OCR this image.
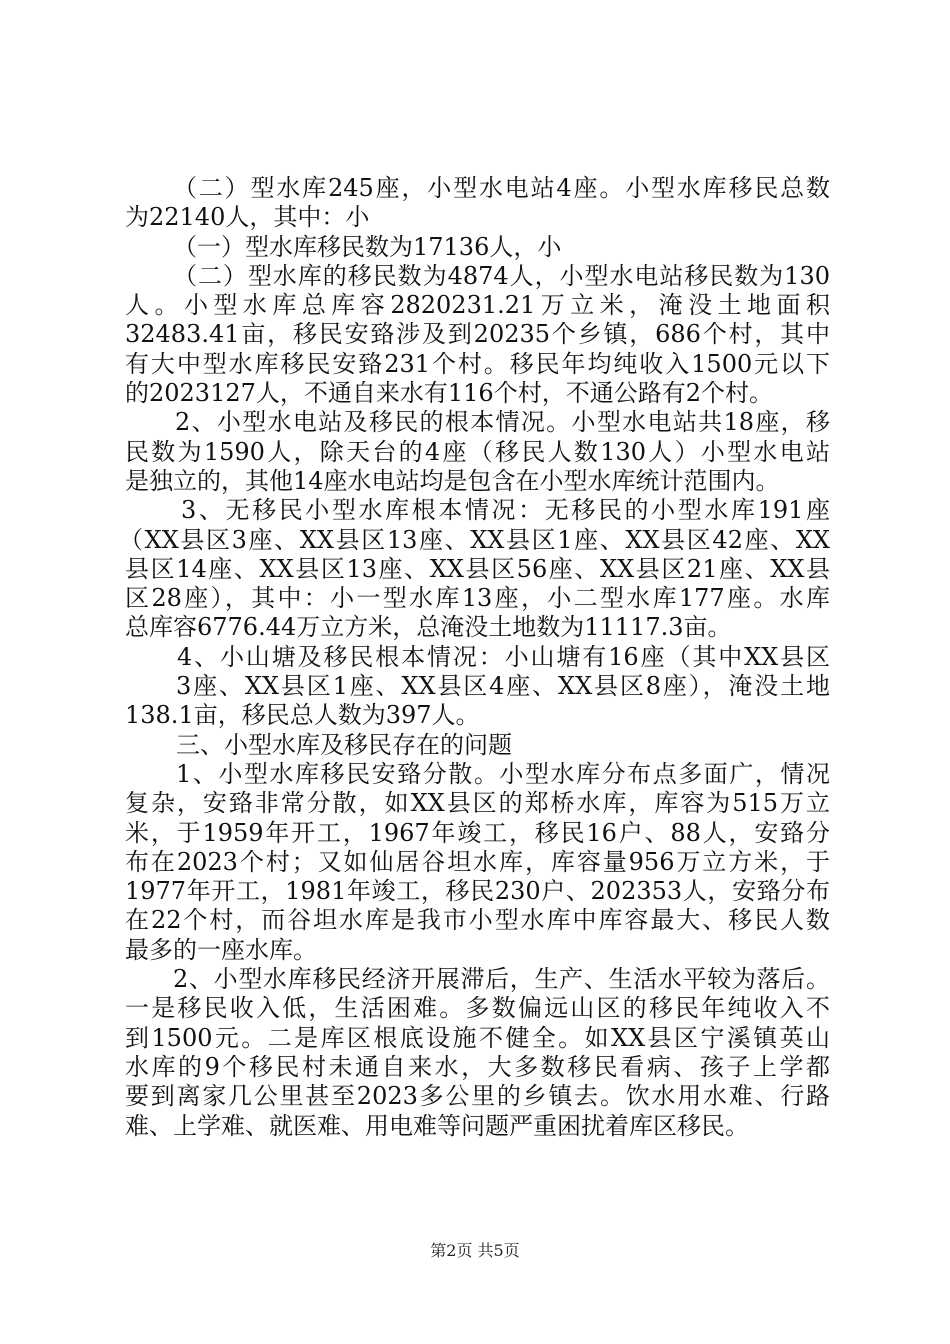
（二）型水库245座，小型水电站4座。小型水库移民总数
为22140人，其中：小
（一）型水库移民数为17136人，小
（二）型水库的移民数为4874人，小型水电站移民数为130
人。小型水库总库容2820231.21万立米，淹没土地面积
32483.41亩，移民安臵涉及到20235个乡镇，686个村，其中
有大中型水库移民安臵231个村。移民年均纯收入1500元以下
的2023127人，不通自来水有116个村，不通公路有2个村。
2、小型水电站及移民的根本情况。小型水电站共18座，移
民数为1590人，除天台的4座（移民人数130人）小型水电站
是独立的，其他14座水电站均是包含在小型水库统计范围内。
3、无移民小型水库根本情况：无移民的小型水库191座
（XX县区3座、XX县区13座、XX县区1座、XX县区42座、XX
县区14座、XX县区13座、XX县区56座、XX县区21座、XX县
区28座），其中：小一型水库13座，小二型水库177座。水库
总库容6776.44万立方米，总淹没土地数为11117.3亩。
4、小山塘及移民根本情况：小山塘有16座（其中XX县区
3座、XX县区1座、XX县区4座、XX县区8座），淹没土地
138.1亩，移民总人数为397人。
三、小型水库及移民存在的问题
1、小型水库移民安臵分散。小型水库分布点多面广，情况
复杂，安臵非常分散，如XX县区的郑桥水库，库容为515万立
米，于1959年开工，1967年竣工，移民16户、88人，安臵分
布在2023个村；又如仙居谷坦水库，库容量956万立方米，于
1977年开工，1981年竣工，移民230户、202353人，安臵分布
在22个村，而谷坦水库是我市小型水库中库容最大、移民人数
最多的一座水库。
2、小型水库移民经济开展滞后，生产、生活水平较为落后。
一是移民收入低，生活困难。多数偏远山区的移民年纯收入不
到1500元。二是库区根底设施不健全。如XX县区宁溪镇英山
水库的9个移民村未通自来水，大多数移民看病、孩子上学都
要到离家几公里甚至2023多公里的乡镇去。饮水用水难、行路
难、上学难、就医难、用电难等问题严重困扰着库区移民。
第2页 共5页
